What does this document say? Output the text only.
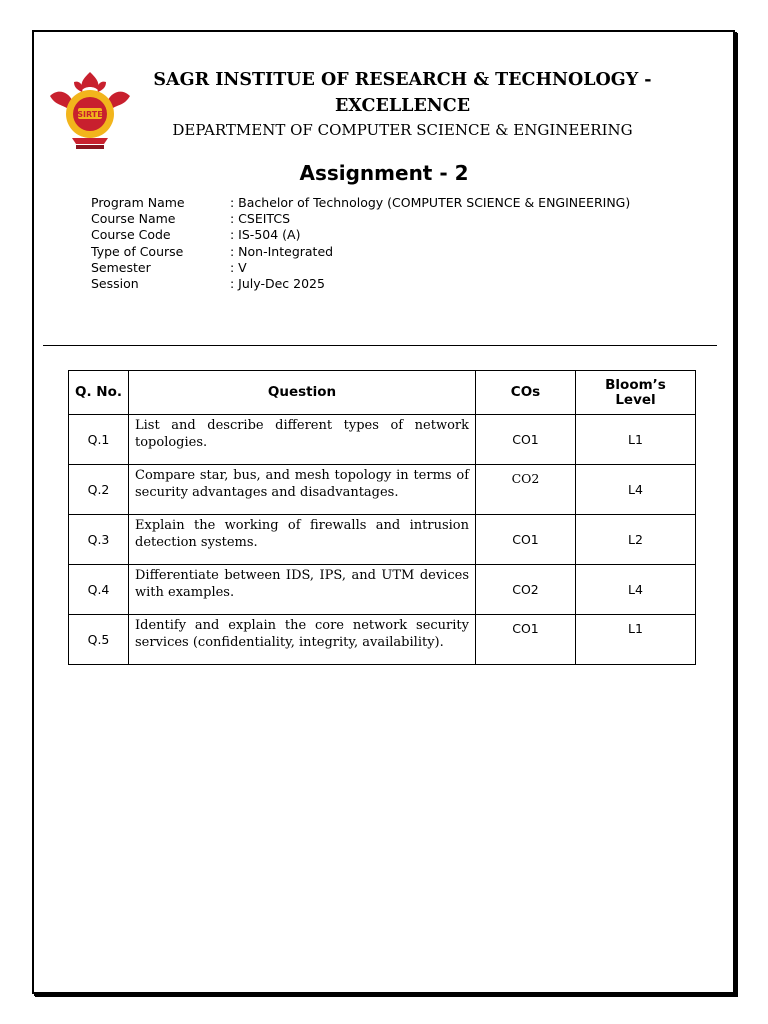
SIRTE
SAGR INSTITUE OF RESEARCH & TECHNOLOGY -
EXCELLENCE
DEPARTMENT OF COMPUTER SCIENCE & ENGINEERING
Assignment - 2
Program Name	: Bachelor of Technology (COMPUTER SCIENCE & ENGINEERING)
Course Name	: CSEITCS
Course Code	: IS-504 (A)
Type of Course	: Non-Integrated
Semester	: V
Session	: July-Dec 2025
Q. No.	Question	COs	Bloom’s
Level

Q.1	List and describe different types of network topologies.	CO1	L1
Q.2	Compare star, bus, and mesh topology in terms of security advantages and disadvantages.	CO2	L4
Q.3	Explain the working of firewalls and intrusion detection systems.	CO1	L2
Q.4	Differentiate between IDS, IPS, and UTM devices with examples.	CO2	L4
Q.5	Identify and explain the core network security services (confidentiality, integrity, availability).	CO1	L1
